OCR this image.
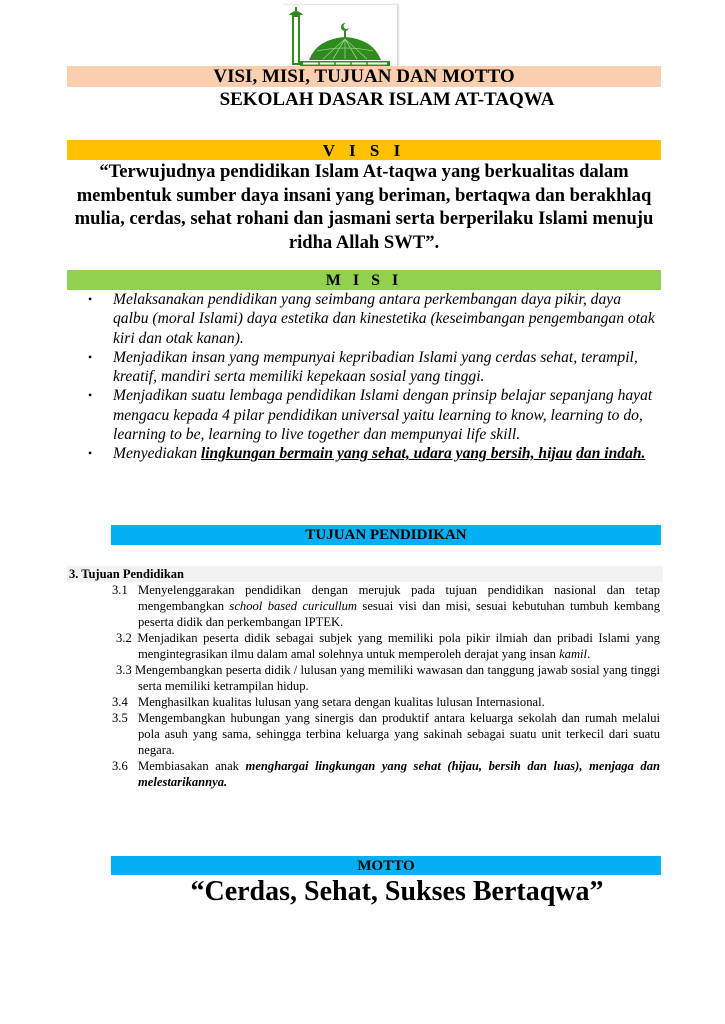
VISI, MISI, TUJUAN DAN MOTTO
SEKOLAH DASAR ISLAM AT-TAQWA
V I S I
“Terwujudnya pendidikan Islam At-taqwa yang berkualitas dalam membentuk sumber daya insani yang beriman, bertaqwa dan berakhlaq mulia, cerdas, sehat rohani dan jasmani serta berperilaku Islami menuju ridha Allah SWT”.
M I S I
• Melaksanakan pendidikan yang seimbang antara perkembangan daya pikir, daya qalbu (moral Islami) daya estetika dan kinestetika (keseimbangan pengembangan otak kiri dan otak kanan).
• Menjadikan insan yang mempunyai kepribadian Islami yang cerdas sehat, terampil, kreatif, mandiri serta memiliki kepekaan sosial yang tinggi.
• Menjadikan suatu lembaga pendidikan Islami dengan prinsip belajar sepanjang hayat mengacu kepada 4 pilar pendidikan universal yaitu learning to know, learning to do, learning to be, learning to live together dan mempunyai life skill.
• Menyediakan lingkungan bermain yang sehat, udara yang bersih, hijau dan indah.
TUJUAN PENDIDIKAN
3. Tujuan Pendidikan
3.1 Menyelenggarakan pendidikan dengan merujuk pada tujuan pendidikan nasional dan tetap mengembangkan school based curicullum sesuai visi dan misi, sesuai kebutuhan tumbuh kembang peserta didik dan perkembangan IPTEK.
3.2 Menjadikan peserta didik sebagai subjek yang memiliki pola pikir ilmiah dan pribadi Islami yang mengintegrasikan ilmu dalam amal solehnya untuk memperoleh derajat yang insan kamil.
3.3 Mengembangkan peserta didik / lulusan yang memiliki wawasan dan tanggung jawab sosial yang tinggi serta memiliki ketrampilan hidup.
3.4 Menghasilkan kualitas lulusan yang setara dengan kualitas lulusan Internasional.
3.5 Mengembangkan hubungan yang sinergis dan produktif antara keluarga sekolah dan rumah melalui pola asuh yang sama, sehingga terbina keluarga yang sakinah sebagai suatu unit terkecil dari suatu negara.
3.6 Membiasakan anak menghargai lingkungan yang sehat (hijau, bersih dan luas), menjaga dan melestarikannya.
MOTTO
“Cerdas, Sehat, Sukses Bertaqwa”
